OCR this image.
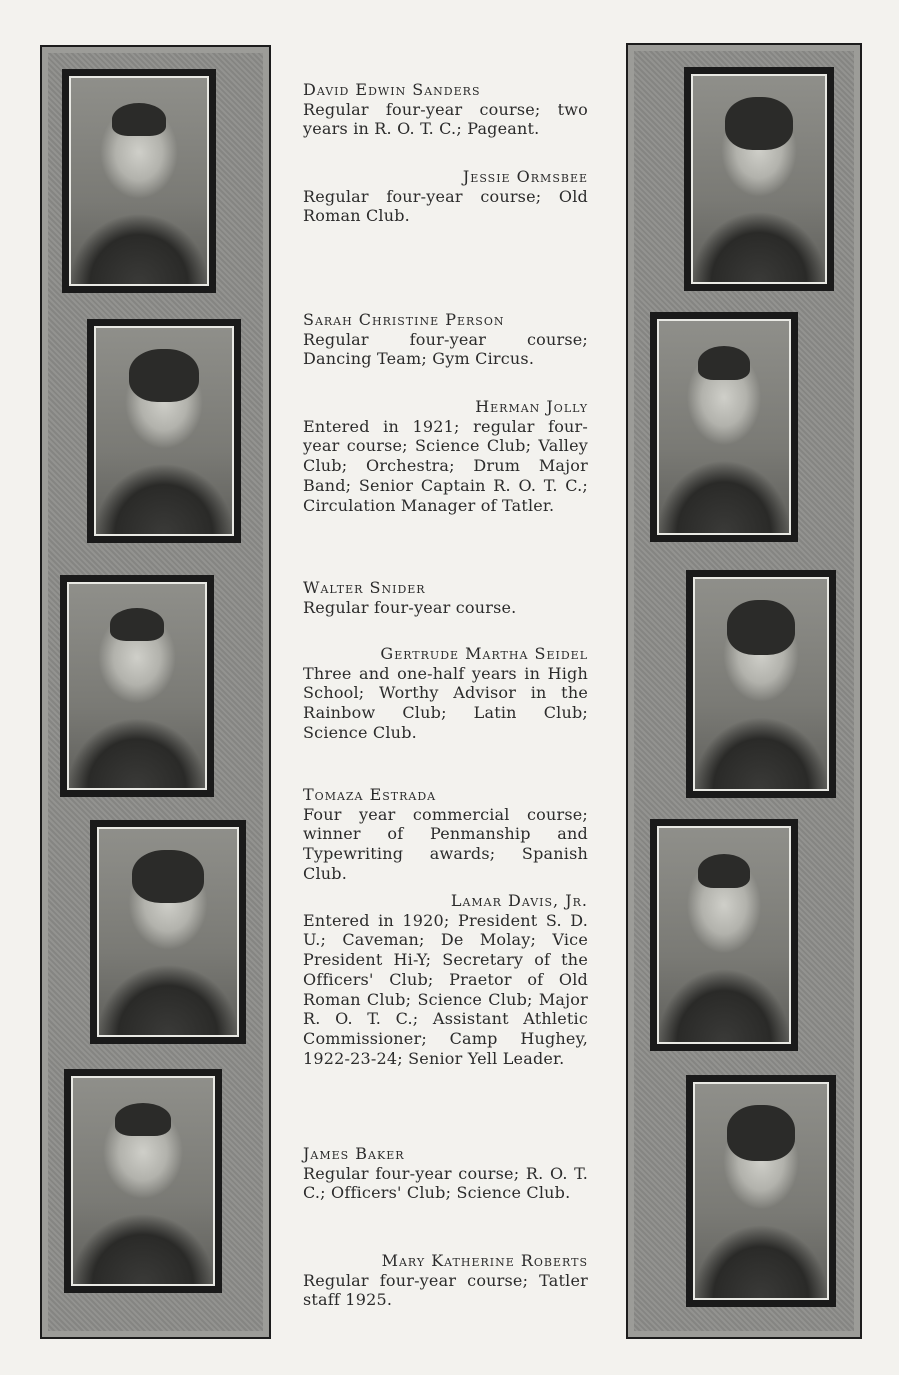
David Edwin Sanders
Regular four-year course; two years in R. O. T. C.; Pageant.
Jessie Ormsbee
Regular four-year course; Old Roman Club.
Sarah Christine Person
Regular four-year course; Dancing Team; Gym Circus.
Herman Jolly
Entered in 1921; regular four-year course; Science Club; Valley Club; Orchestra; Drum Major Band; Senior Captain R. O. T. C.; Circulation Manager of Tatler.
Walter Snider
Regular four-year course.
Gertrude Martha Seidel
Three and one-half years in High School; Worthy Advisor in the Rainbow Club; Latin Club; Science Club.
Tomaza Estrada
Four year commercial course; winner of Penmanship and Typewriting awards; Spanish Club.
Lamar Davis, Jr.
Entered in 1920; President S. D. U.; Caveman; De Molay; Vice President Hi-Y; Secretary of the Officers' Club; Praetor of Old Roman Club; Science Club; Major R. O. T. C.; Assistant Athletic Commissioner; Camp Hughey, 1922-23-24; Senior Yell Leader.
James Baker
Regular four-year course; R. O. T. C.; Officers' Club; Science Club.
Mary Katherine Roberts
Regular four-year course; Tatler staff 1925.
